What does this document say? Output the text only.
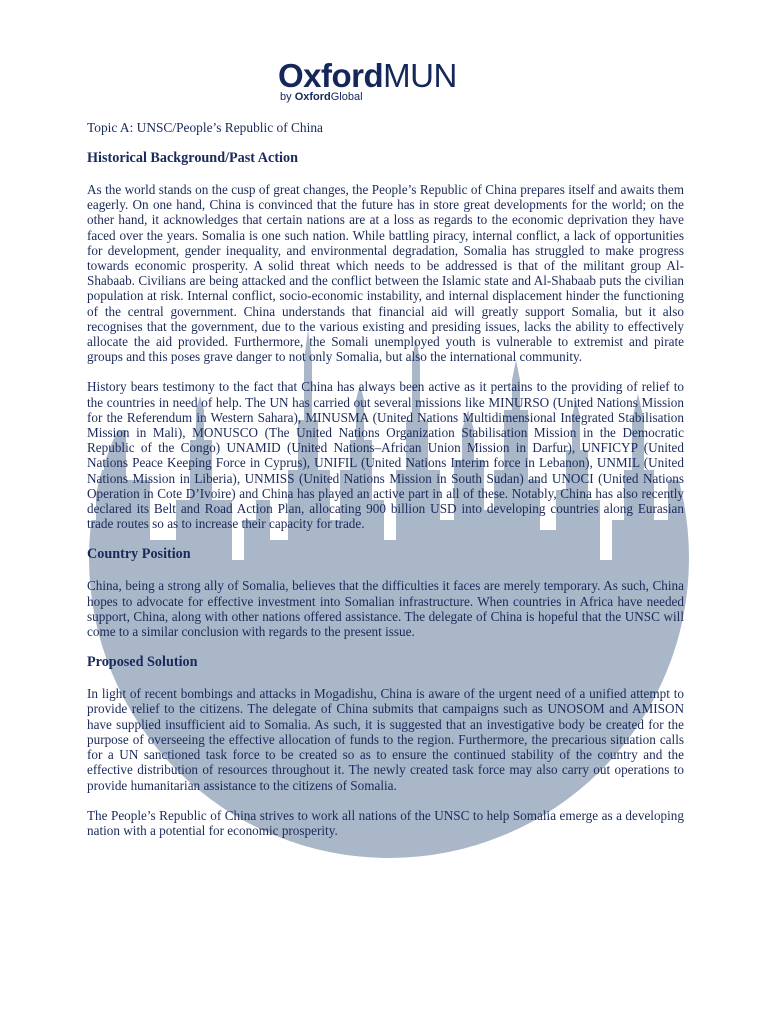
OxfordMUN
by OxfordGlobal
Topic A: UNSC/People’s Republic of China
Historical Background/Past Action

As the world stands on the cusp of great changes, the People’s Republic of China prepares itself and awaits them eagerly. On one hand, China is convinced that the future has in store great developments for the world; on the other hand, it acknowledges that certain nations are at a loss as regards to the economic deprivation they have faced over the years. Somalia is one such nation. While battling piracy, internal conflict, a lack of opportunities for development, gender inequality, and environmental degradation, Somalia has struggled to make progress towards economic prosperity. A solid threat which needs to be addressed is that of the militant group Al-Shabaab. Civilians are being attacked and the conflict between the Islamic state and Al-Shabaab puts the civilian population at risk. Internal conflict, socio-economic instability, and internal displacement hinder the functioning of the central government. China understands that financial aid will greatly support Somalia, but it also recognises that the government, due to the various existing and presiding issues, lacks the ability to effectively allocate the aid provided. Furthermore, the Somali unemployed youth is vulnerable to extremist and pirate groups and this poses grave danger to not only Somalia, but also the international community.

History bears testimony to the fact that China has always been active as it pertains to the providing of relief to the countries in need of help. The UN has carried out several missions like MINURSO (United Nations Mission for the Referendum in Western Sahara), MINUSMA (United Nations Multidimensional Integrated Stabilisation Mission in Mali), MONUSCO (The United Nations Organization Stabilisation Mission in the Democratic Republic of the Congo) UNAMID (United Nations–African Union Mission in Darfur), UNFICYP (United Nations Peace Keeping Force in Cyprus), UNIFIL (United Nations Interim force in Lebanon), UNMIL (United Nations Mission in Liberia), UNMISS (United Nations Mission in South Sudan) and UNOCI (United Nations Operation in Cote D’Ivoire) and China has played an active part in all of these. Notably, China has also recently declared its Belt and Road Action Plan, allocating 900 billion USD into developing countries along Eurasian trade routes so as to increase their capacity for trade.

Country Position

China, being a strong ally of Somalia, believes that the difficulties it faces are merely temporary. As such, China hopes to advocate for effective investment into Somalian infrastructure. When countries in Africa have needed support, China, along with other nations offered assistance. The delegate of China is hopeful that the UNSC will come to a similar conclusion with regards to the present issue.

Proposed Solution

In light of recent bombings and attacks in Mogadishu, China is aware of the urgent need of a unified attempt to provide relief to the citizens. The delegate of China submits that campaigns such as UNOSOM and AMISON have supplied insufficient aid to Somalia. As such, it is suggested that an investigative body be created for the purpose of overseeing the effective allocation of funds to the region. Furthermore, the precarious situation calls for a UN sanctioned task force to be created so as to ensure the continued stability of the country and the effective distribution of resources throughout it. The newly created task force may also carry out operations to provide humanitarian assistance to the citizens of Somalia.

The People’s Republic of China strives to work all nations of the UNSC to help Somalia emerge as a developing nation with a potential for economic prosperity.
